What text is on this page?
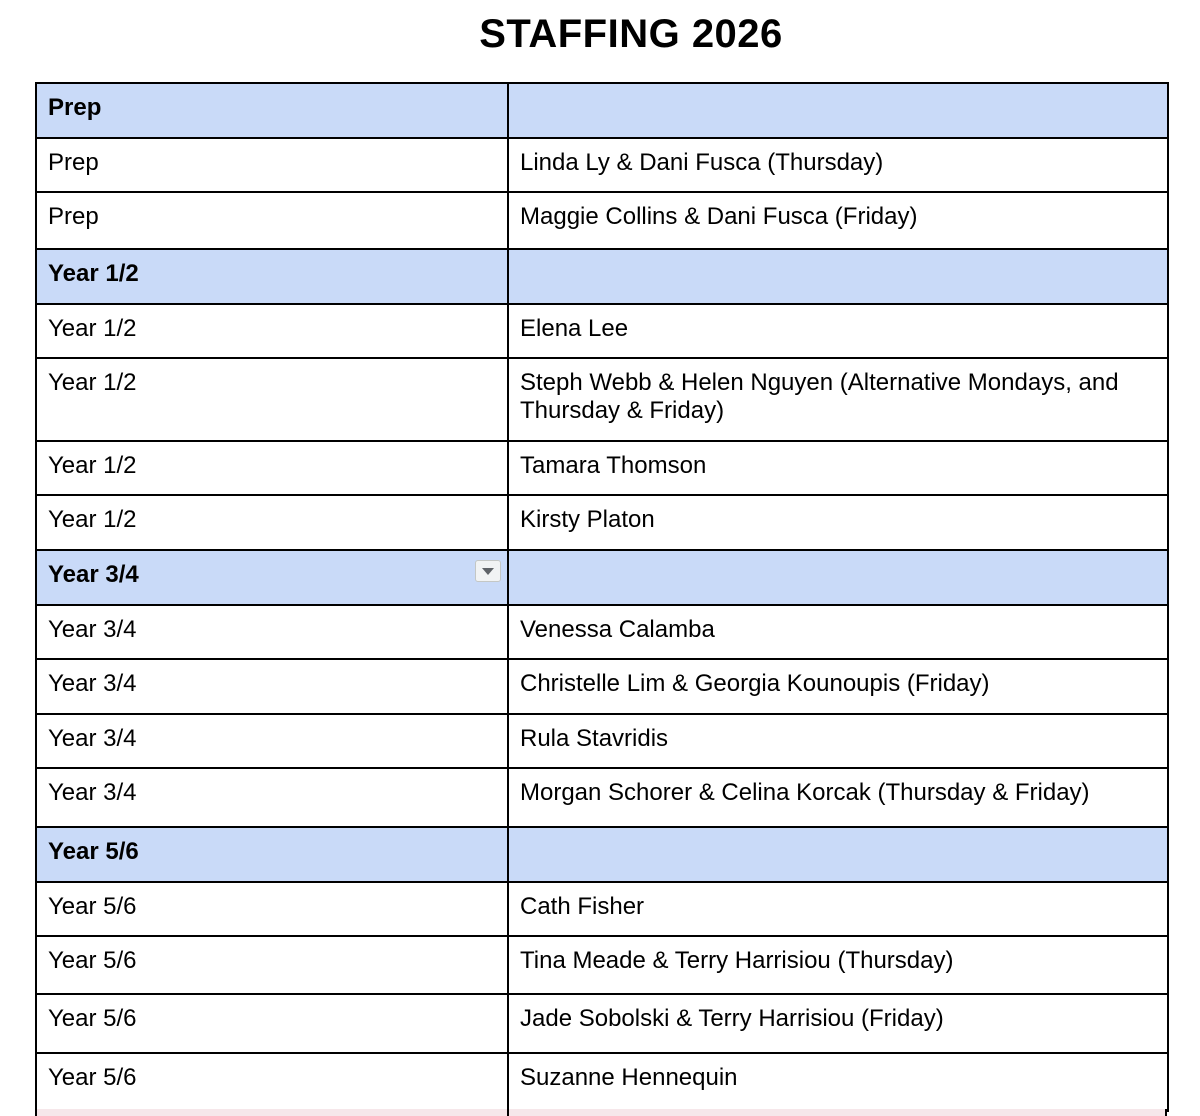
STAFFING 2026
Prep	
Prep	Linda Ly & Dani Fusca (Thursday)
Prep	Maggie Collins & Dani Fusca (Friday)
Year 1/2	
Year 1/2	Elena Lee
Year 1/2	Steph Webb & Helen Nguyen (Alternative Mondays, and Thursday & Friday)
Year 1/2	Tamara Thomson
Year 1/2	Kirsty Platon
Year 3/4

Year 3/4	Venessa Calamba
Year 3/4	Christelle Lim & Georgia Kounoupis (Friday)
Year 3/4	Rula Stavridis
Year 3/4	Morgan Schorer & Celina Korcak (Thursday & Friday)
Year 5/6	
Year 5/6	Cath Fisher
Year 5/6	Tina Meade & Terry Harrisiou (Thursday)
Year 5/6	Jade Sobolski & Terry Harrisiou (Friday)
Year 5/6	Suzanne Hennequin
